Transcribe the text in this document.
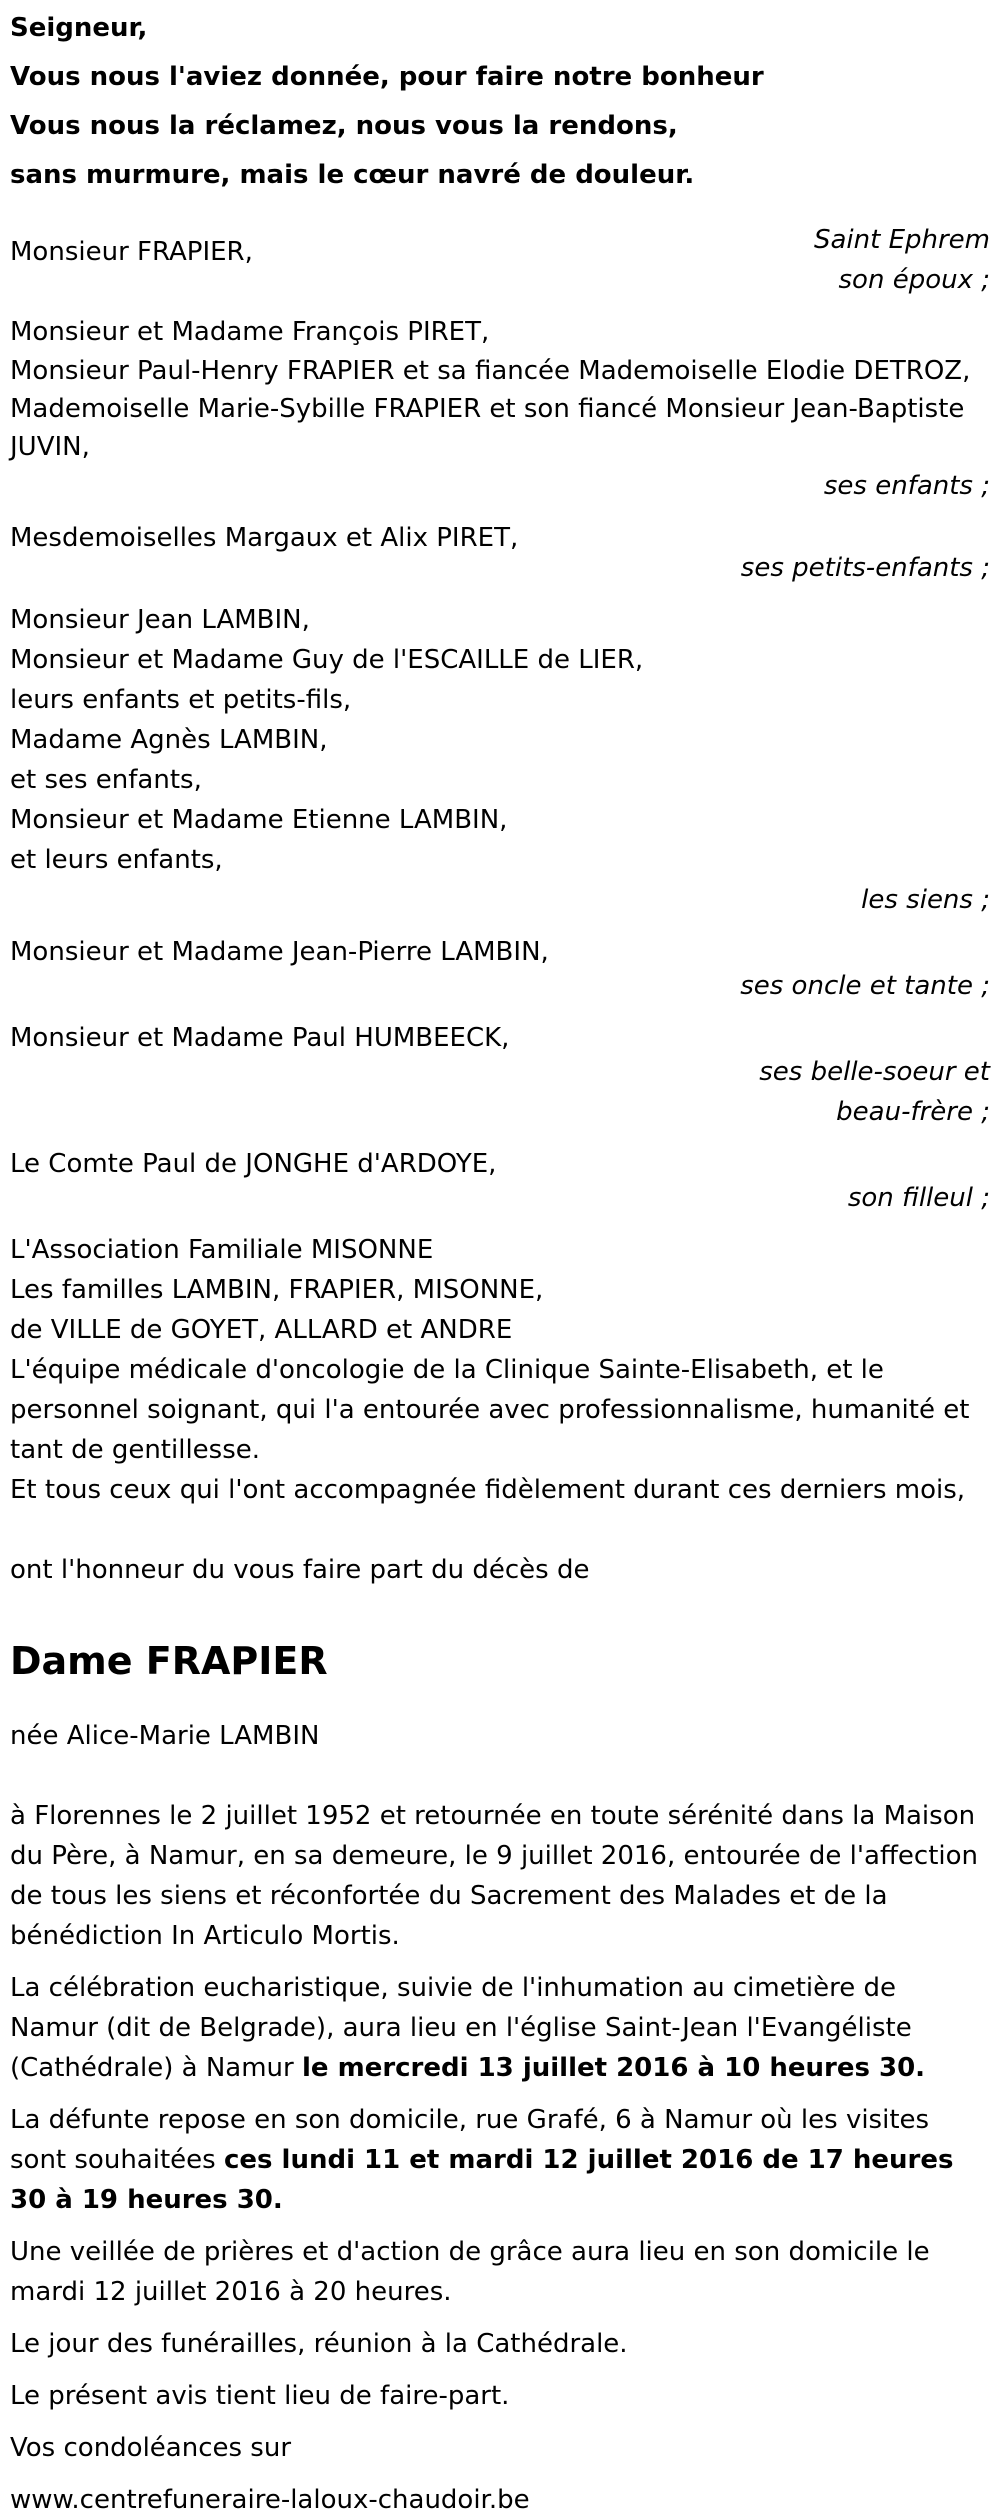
Seigneur,
Vous nous l'aviez donnée, pour faire notre bonheur
Vous nous la réclamez, nous vous la rendons,
sans murmure, mais le cœur navré de douleur.
Saint Ephrem
Monsieur FRAPIER,
son époux ;
Monsieur et Madame François PIRET,
Monsieur Paul-Henry FRAPIER et sa fiancée Mademoiselle Elodie DETROZ,
Mademoiselle Marie-Sybille FRAPIER et son fiancé Monsieur Jean-Baptiste JUVIN,
ses enfants ;
Mesdemoiselles Margaux et Alix PIRET,
ses petits-enfants ;
Monsieur Jean LAMBIN,
Monsieur et Madame Guy de l'ESCAILLE de LIER,
leurs enfants et petits-fils,
Madame Agnès LAMBIN,
et ses enfants,
Monsieur et Madame Etienne LAMBIN,
et leurs enfants,
les siens ;
Monsieur et Madame Jean-Pierre LAMBIN,
ses oncle et tante ;
Monsieur et Madame Paul HUMBEECK,
ses belle-soeur et
beau-frère ;
Le Comte Paul de JONGHE d'ARDOYE,
son filleul ;
L'Association Familiale MISONNE
Les familles LAMBIN, FRAPIER, MISONNE,
de VILLE de GOYET, ALLARD et ANDRE
L'équipe médicale d'oncologie de la Clinique Sainte-Elisabeth, et le personnel soignant, qui l'a entourée avec professionnalisme, humanité et tant de gentillesse.
Et tous ceux qui l'ont accompagnée fidèlement durant ces derniers mois,
ont l'honneur du vous faire part du décès de
Dame FRAPIER
née Alice-Marie LAMBIN

à Florennes le 2 juillet 1952 et retournée en toute sérénité dans la Maison du Père, à Namur, en sa demeure, le 9 juillet 2016, entourée de l'affection de tous les siens et réconfortée du Sacrement des Malades et de la bénédiction In Articulo Mortis.

La célébration eucharistique, suivie de l'inhumation au cimetière de Namur (dit de Belgrade), aura lieu en l'église Saint-Jean l'Evangéliste (Cathédrale) à Namur le mercredi 13 juillet 2016 à 10 heures 30.

La défunte repose en son domicile, rue Grafé, 6 à Namur où les visites sont souhaitées ces lundi 11 et mardi 12 juillet 2016 de 17 heures 30 à 19 heures 30.

Une veillée de prières et d'action de grâce aura lieu en son domicile le mardi 12 juillet 2016 à 20 heures.

Le jour des funérailles, réunion à la Cathédrale.

Le présent avis tient lieu de faire-part.

Vos condoléances sur

www.centrefuneraire-laloux-chaudoir.be
